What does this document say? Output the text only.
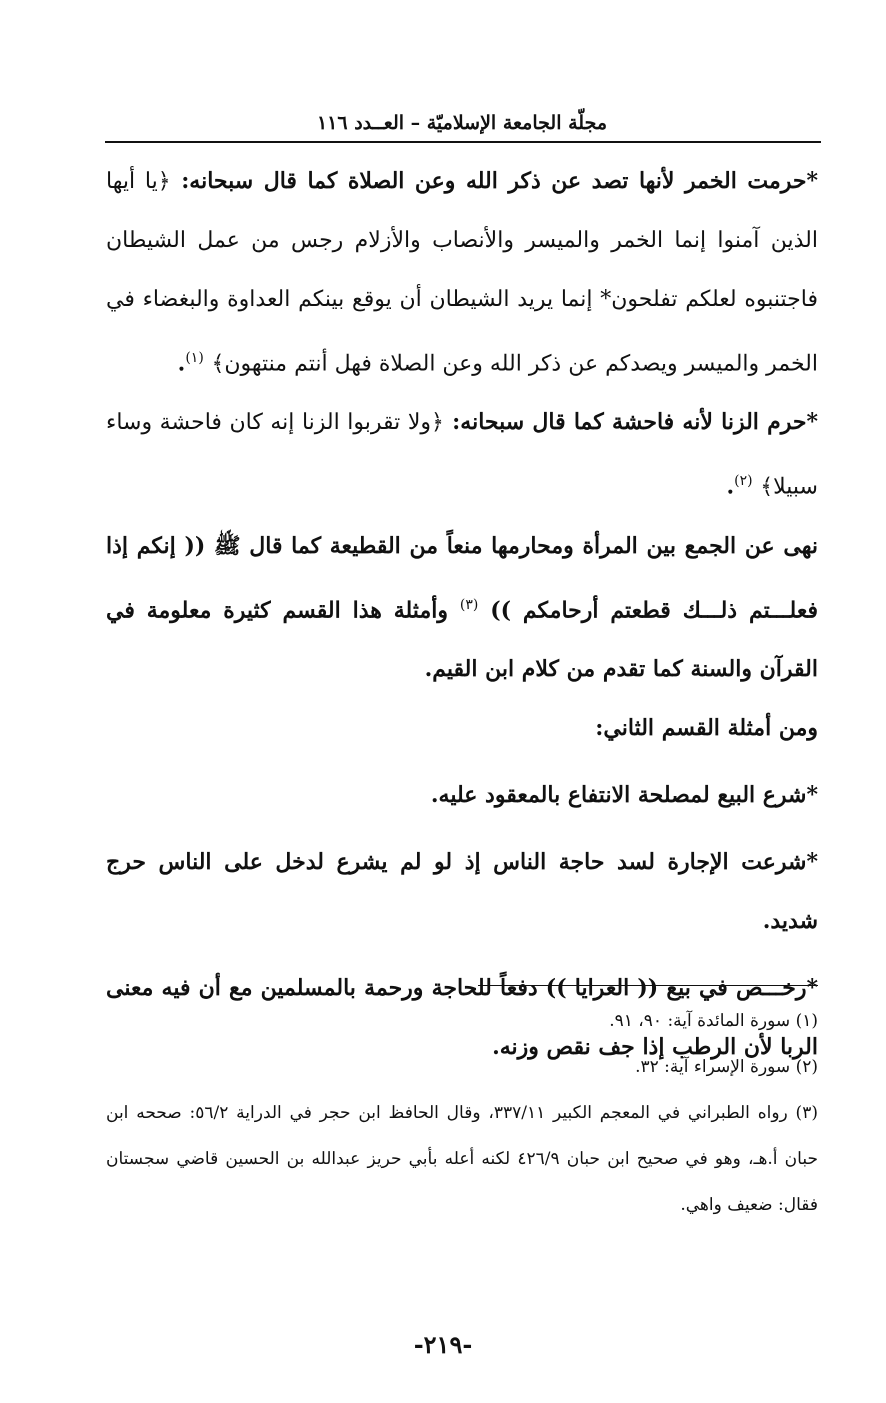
مجلّة الجامعة الإسلاميّة – العــدد ١١٦

*حرمت الخمر لأنها تصد عن ذكر الله وعن الصلاة كما قال سبحانه: ﴿يا أيها الذين آمنوا إنما الخمر والميسر والأنصاب والأزلام رجس من عمل الشيطان فاجتنبوه لعلكم تفلحون* إنما يريد الشيطان أن يوقع بينكم العداوة والبغضاء في الخمر والميسر ويصدكم عن ذكر الله وعن الصلاة فهل أنتم منتهون﴾ $^{(١)}$.

*حرم الزنا لأنه فاحشة كما قال سبحانه: ﴿ولا تقربوا الزنا إنه كان فاحشة وساء سبيلا﴾ $^{(٢)}$.

نهى عن الجمع بين المرأة ومحارمها منعاً من القطيعة كما قال ﷺ (( إنكم إذا فعلـــتم ذلـــك قطعتم أرحامكم )) $^{(٣)}$ وأمثلة هذا القسم كثيرة معلومة في القرآن والسنة كما تقدم من كلام ابن القيم.

ومن أمثلة القسم الثاني:

*شرع البيع لمصلحة الانتفاع بالمعقود عليه.

*شرعت الإجارة لسد حاجة الناس إذ لو لم يشرع لدخل على الناس حرج شديد.

*رخـــص في بيع (( العرايا )) دفعاً للحاجة ورحمة بالمسلمين مع أن فيه معنى الربا لأن الرطب إذا جف نقص وزنه.

(١) سورة المائدة آية: ٩٠، ٩١.

(٢) سورة الإسراء آية: ٣٢.

(٣) رواه الطبراني في المعجم الكبير ٣٣٧/١١، وقال الحافظ ابن حجر في الدراية ٥٦/٢: صححه ابن حبان أ.هـ، وهو في صحيح ابن حبان ٤٢٦/٩ لكنه أعله بأبي حريز عبدالله بن الحسين قاضي سجستان فقال: ضعيف واهي.

-٢١٩-
